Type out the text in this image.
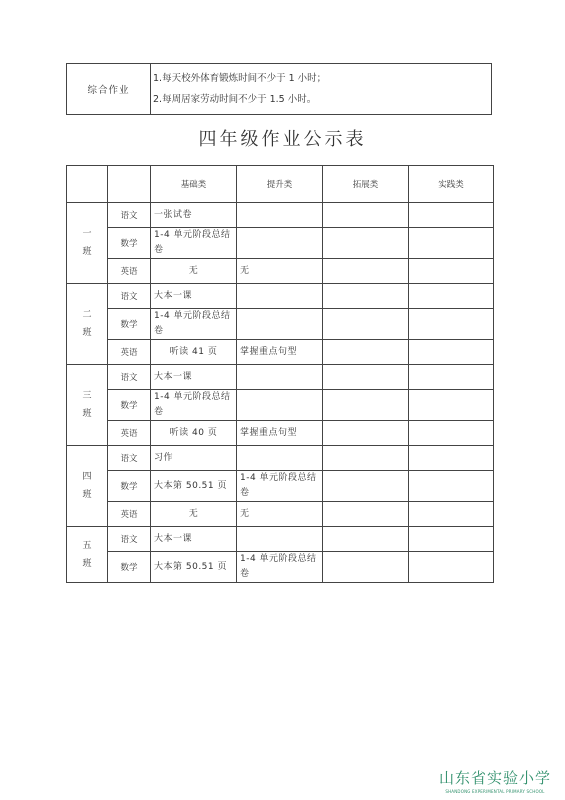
综合作业	
1.每天校外体育锻炼时间不少于 1 小时；
2.每周居家劳动时间不少于 1.5 小时。
四年级作业公示表
		基础类	提升类	拓展类	实践类

一
班	语文	一张试卷			
	数学	1-4 单元阶段总结卷			
	英语	无	无		

二
班	语文	大本一课			
	数学	1-4 单元阶段总结卷			
	英语	听读 41 页	掌握重点句型		

三
班	语文	大本一课			
	数学	1-4 单元阶段总结卷			
	英语	听读 40 页	掌握重点句型		

四
班	语文	习作			
	数学	大本第 50.51 页	1-4 单元阶段总结卷		
	英语	无	无		

五
班	语文	大本一课			
	数学	大本第 50.51 页	1-4 单元阶段总结卷		
山东省实验小学
SHANDONG EXPERIMENTAL PRIMARY SCHOOL
